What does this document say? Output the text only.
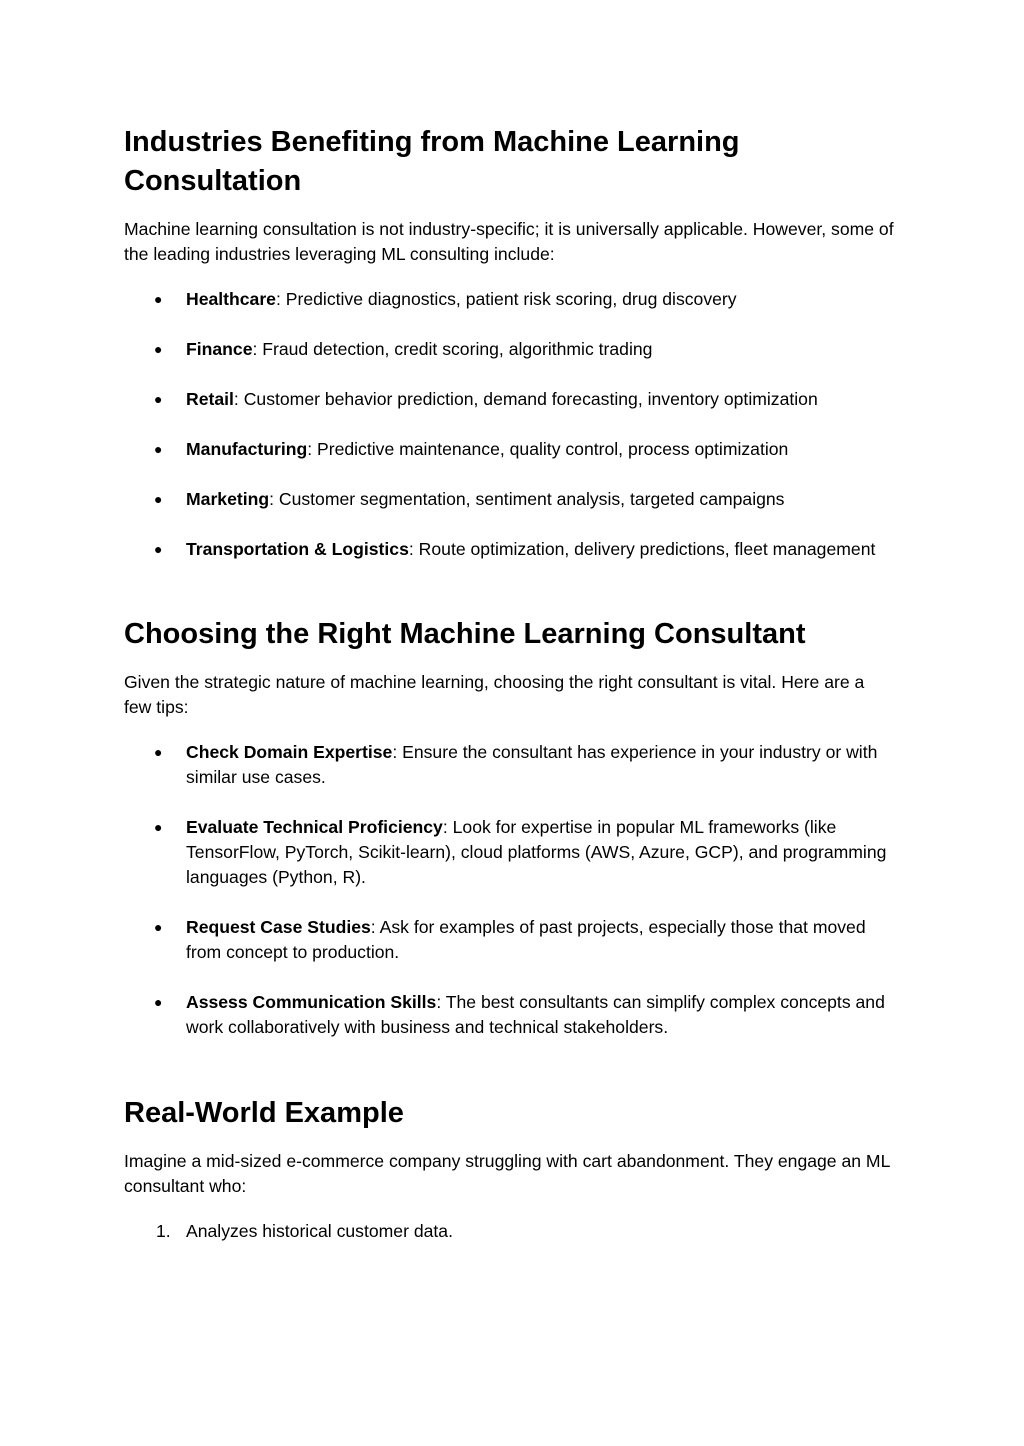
Industries Benefiting from Machine Learning Consultation

Machine learning consultation is not industry-specific; it is universally applicable. However, some of the leading industries leveraging ML consulting include:

● Healthcare: Predictive diagnostics, patient risk scoring, drug discovery
● Finance: Fraud detection, credit scoring, algorithmic trading
● Retail: Customer behavior prediction, demand forecasting, inventory optimization
● Manufacturing: Predictive maintenance, quality control, process optimization
● Marketing: Customer segmentation, sentiment analysis, targeted campaigns
● Transportation & Logistics: Route optimization, delivery predictions, fleet management
Choosing the Right Machine Learning Consultant

Given the strategic nature of machine learning, choosing the right consultant is vital. Here are a few tips:

● Check Domain Expertise: Ensure the consultant has experience in your industry or with similar use cases.
● Evaluate Technical Proficiency: Look for expertise in popular ML frameworks (like TensorFlow, PyTorch, Scikit-learn), cloud platforms (AWS, Azure, GCP), and programming languages (Python, R).
● Request Case Studies: Ask for examples of past projects, especially those that moved from concept to production.
● Assess Communication Skills: The best consultants can simplify complex concepts and work collaboratively with business and technical stakeholders.
Real-World Example

Imagine a mid-sized e-commerce company struggling with cart abandonment. They engage an ML consultant who:

1. Analyzes historical customer data.
